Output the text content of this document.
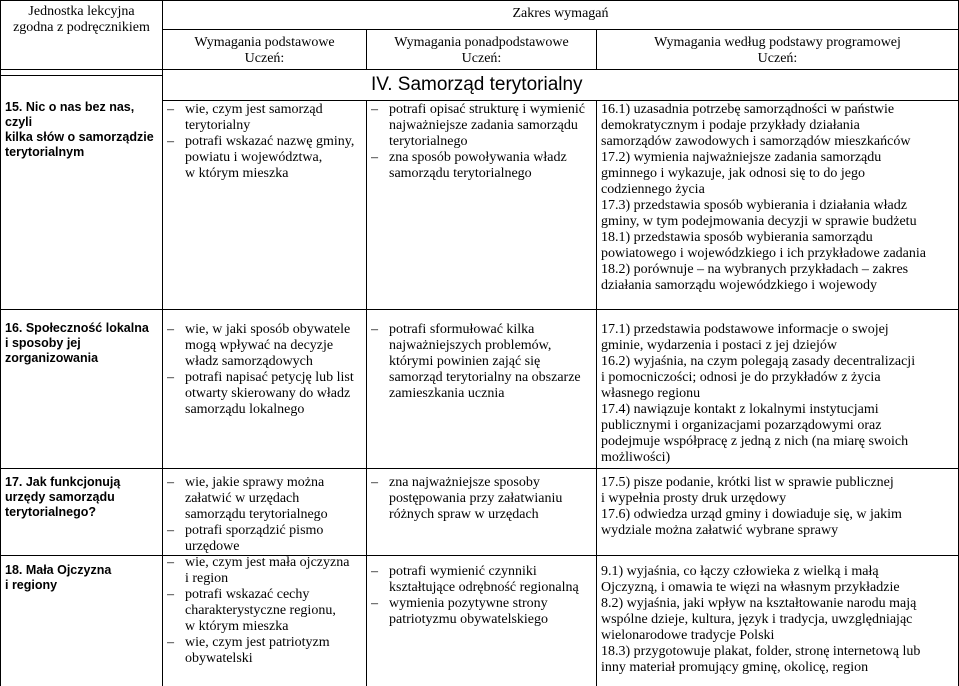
Jednostka lekcyjna
zgodna z podręcznikiem
Zakres wymagań
Wymagania podstawowe
Uczeń:
Wymagania ponadpodstawowe
Uczeń:
Wymagania według podstawy programowej
Uczeń:
IV. Samorząd terytorialny
15. Nic o nas bez nas, czyli
kilka słów o samorządzie
terytorialnym
– wie, czym jest samorząd
terytorialny
– potrafi wskazać nazwę gminy,
powiatu i województwa,
w którym mieszka
– potrafi opisać strukturę i wymienić
najważniejsze zadania samorządu
terytorialnego
– zna sposób powoływania władz
samorządu terytorialnego
16.1) uzasadnia potrzebę samorządności w państwie
demokratycznym i podaje przykłady działania
samorządów zawodowych i samorządów mieszkańców
17.2) wymienia najważniejsze zadania samorządu
gminnego i wykazuje, jak odnosi się to do jego
codziennego życia
17.3) przedstawia sposób wybierania i działania władz
gminy, w tym podejmowania decyzji w sprawie budżetu
18.1) przedstawia sposób wybierania samorządu
powiatowego i wojewódzkiego i ich przykładowe zadania
18.2) porównuje – na wybranych przykładach – zakres
działania samorządu wojewódzkiego i wojewody
16. Społeczność lokalna
i sposoby jej
zorganizowania
– wie, w jaki sposób obywatele
mogą wpływać na decyzje
władz samorządowych
– potrafi napisać petycję lub list
otwarty skierowany do władz
samorządu lokalnego
– potrafi sformułować kilka
najważniejszych problemów,
którymi powinien zająć się
samorząd terytorialny na obszarze
zamieszkania ucznia
17.1) przedstawia podstawowe informacje o swojej
gminie, wydarzenia i postaci z jej dziejów
16.2) wyjaśnia, na czym polegają zasady decentralizacji
i pomocniczości; odnosi je do przykładów z życia
własnego regionu
17.4) nawiązuje kontakt z lokalnymi instytucjami
publicznymi i organizacjami pozarządowymi oraz
podejmuje współpracę z jedną z nich (na miarę swoich
możliwości)
17. Jak funkcjonują
urzędy samorządu
terytorialnego?
– wie, jakie sprawy można
załatwić w urzędach
samorządu terytorialnego
– potrafi sporządzić pismo
urzędowe
– zna najważniejsze sposoby
postępowania przy załatwianiu
różnych spraw w urzędach
17.5) pisze podanie, krótki list w sprawie publicznej
i wypełnia prosty druk urzędowy
17.6) odwiedza urząd gminy i dowiaduje się, w jakim
wydziale można załatwić wybrane sprawy
18. Mała Ojczyzna
i regiony
– wie, czym jest mała ojczyzna
i region
– potrafi wskazać cechy
charakterystyczne regionu,
w którym mieszka
– wie, czym jest patriotyzm
obywatelski
– potrafi wymienić czynniki
kształtujące odrębność regionalną
– wymienia pozytywne strony
patriotyzmu obywatelskiego
9.1) wyjaśnia, co łączy człowieka z wielką i małą
Ojczyzną, i omawia te więzi na własnym przykładzie
8.2) wyjaśnia, jaki wpływ na kształtowanie narodu mają
wspólne dzieje, kultura, język i tradycja, uwzględniając
wielonarodowe tradycje Polski
18.3) przygotowuje plakat, folder, stronę internetową lub
inny materiał promujący gminę, okolicę, region
